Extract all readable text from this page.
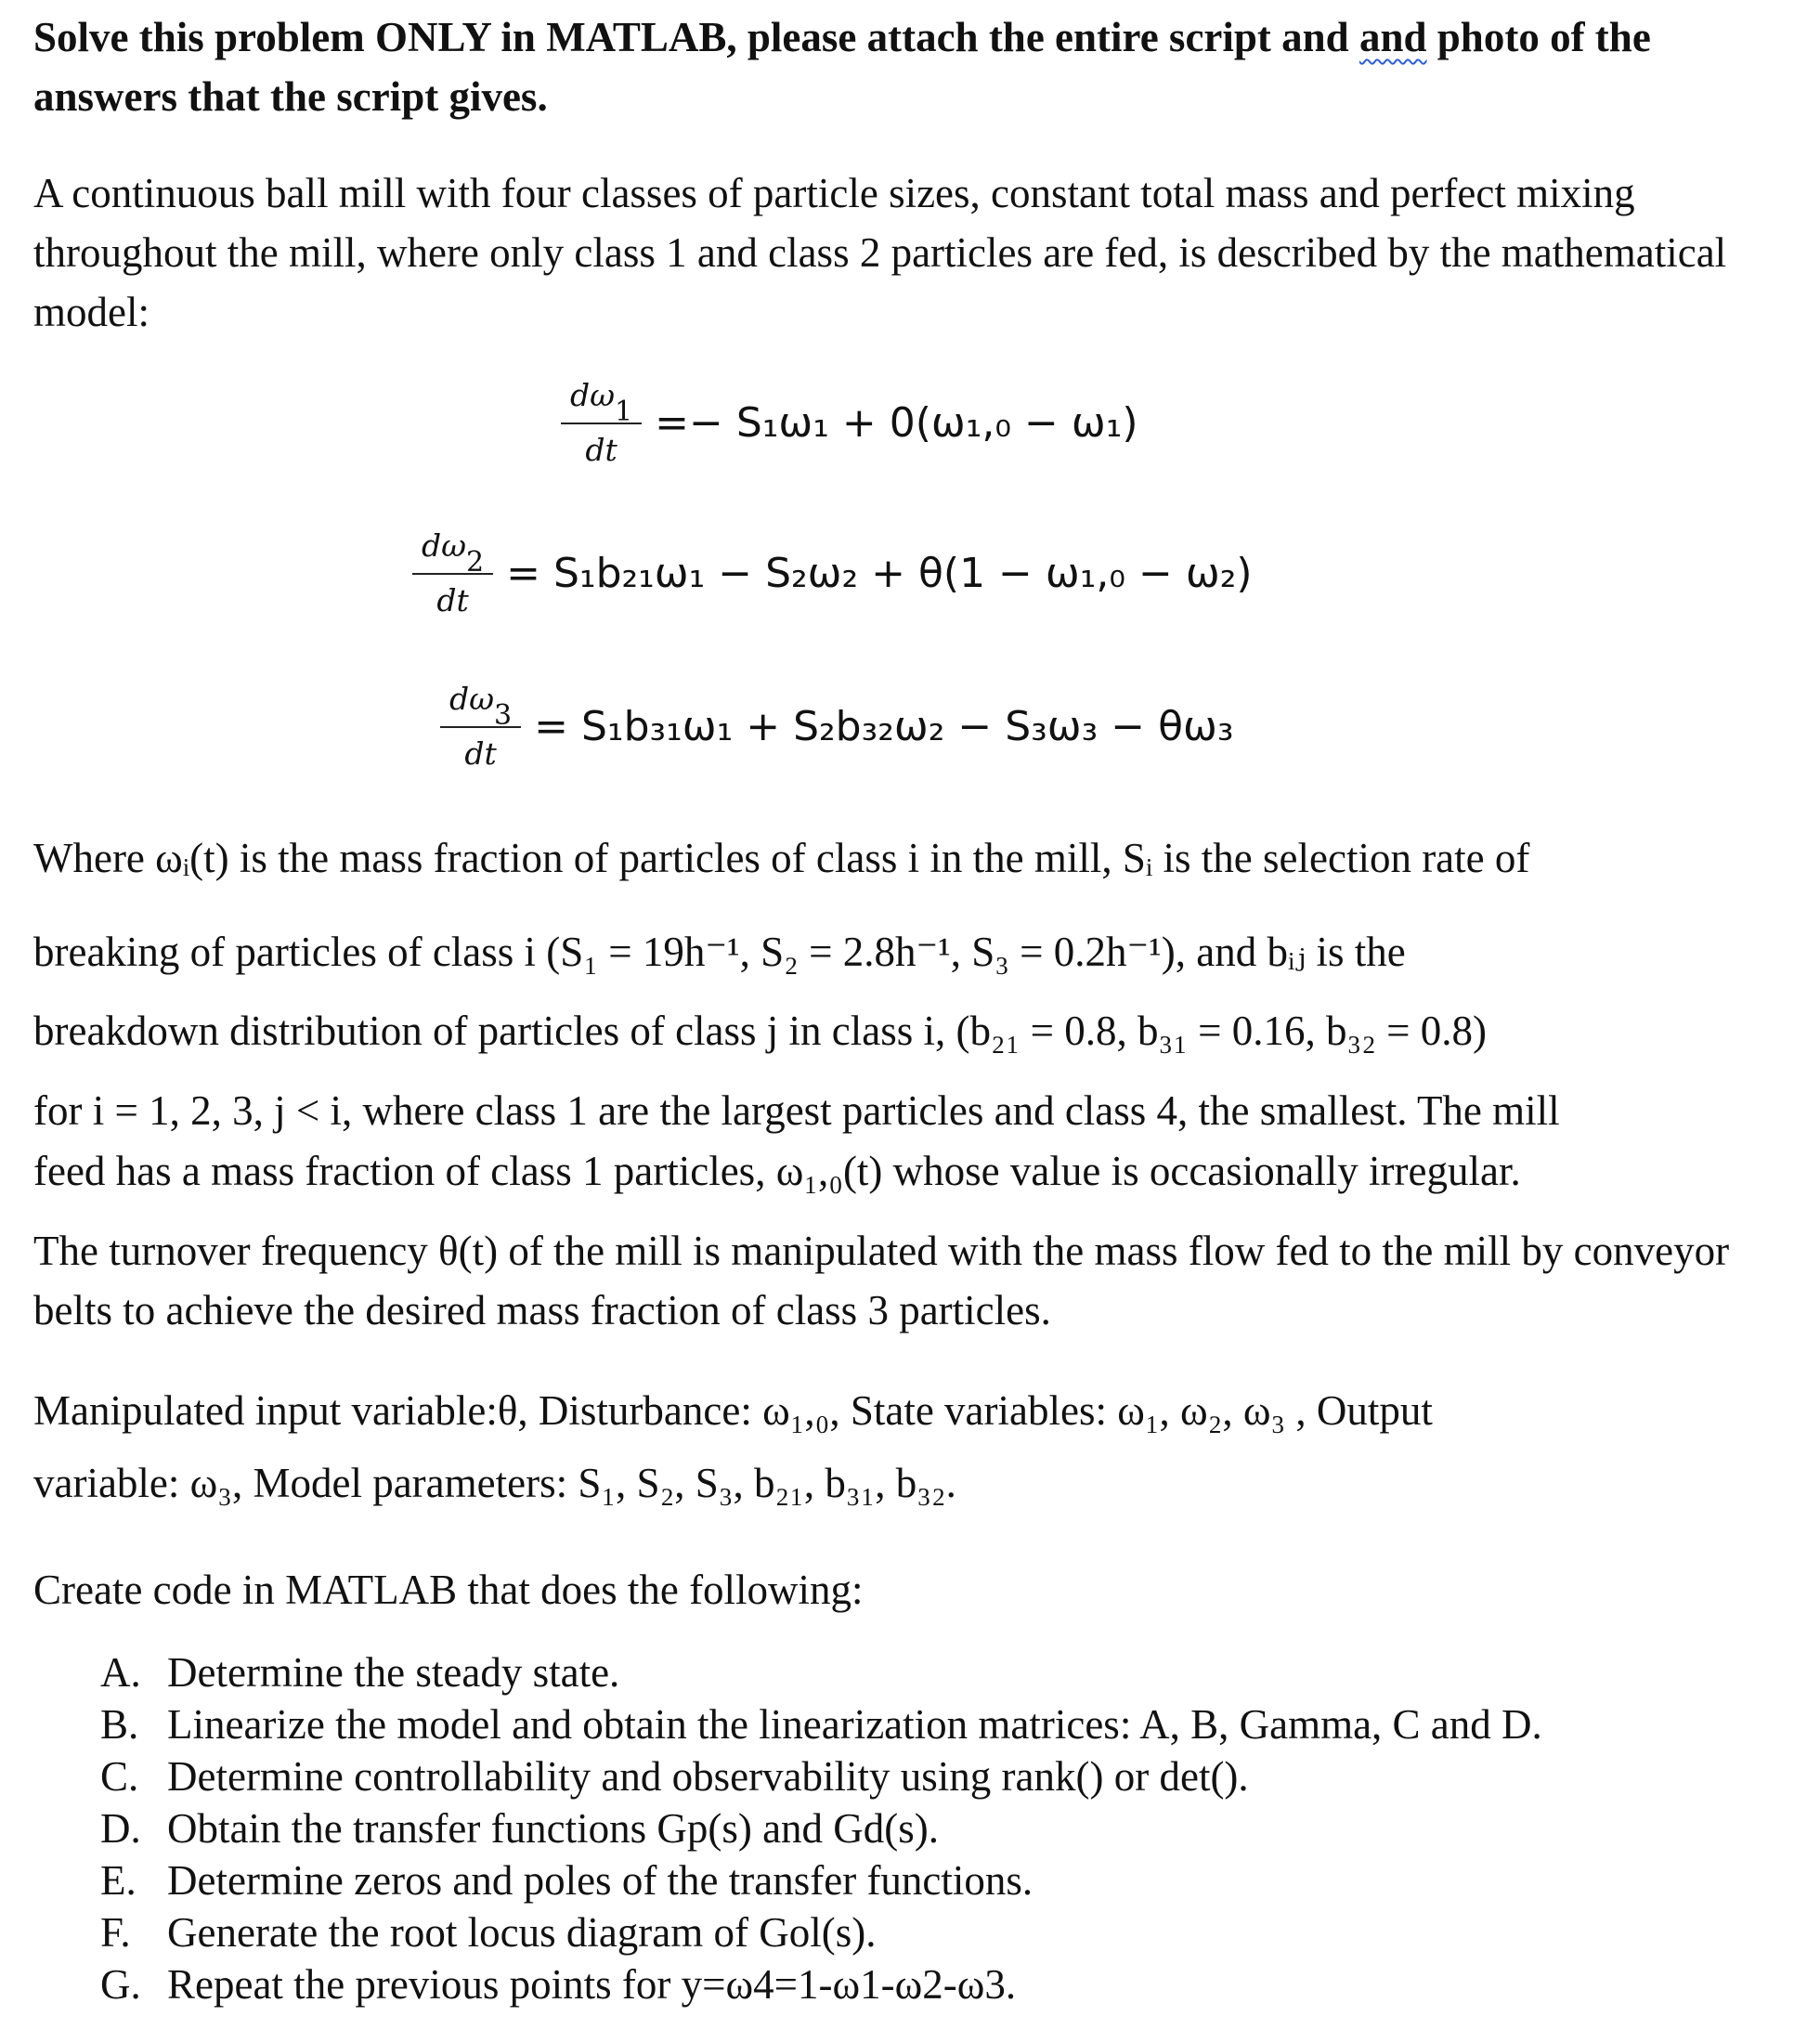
Solve this problem ONLY in MATLAB, please attach the entire script and and photo of the answers that the script gives.
A continuous ball mill with four classes of particle sizes, constant total mass and perfect mixing throughout the mill, where only class 1 and class 2 particles are fed, is described by the mathematical model:
$\frac{d\omega_1}{dt} =- S_1\omega_1 + 0(\omega_1,_0 - \omega_1)$
$\frac{d\omega_2}{dt} = S_1b_{21}\omega_1 - S_2\omega_2 + \theta(1 - \omega_1,_0 - \omega_2)$
$\frac{d\omega_3}{dt} = S_1b_{31}\omega_1 + S_2b_{32}\omega_2 - S_3\omega_3 - \theta\omega_3$
Where ωᵢ(t) is the mass fraction of particles of class i in the mill, Sᵢ is the selection rate of
breaking of particles of class i (S₁ = 19h⁻¹, S₂ = 2.8h⁻¹, S₃ = 0.2h⁻¹), and bᵢⱼ is the
breakdown distribution of particles of class j in class i, (b₂₁ = 0.8, b₃₁ = 0.16, b₃₂ = 0.8)
for i = 1, 2, 3, j < i, where class 1 are the largest particles and class 4, the smallest. The mill
feed has a mass fraction of class 1 particles, ω₁,₀(t) whose value is occasionally irregular.
The turnover frequency θ(t) of the mill is manipulated with the mass flow fed to the mill by conveyor belts to achieve the desired mass fraction of class 3 particles.
Manipulated input variable:θ, Disturbance: ω₁,₀, State variables: ω₁, ω₂, ω₃ , Output
variable: ω₃, Model parameters: S₁, S₂, S₃, b₂₁, b₃₁, b₃₂.
Create code in MATLAB that does the following:
A. Determine the steady state.
B. Linearize the model and obtain the linearization matrices: A, B, Gamma, C and D.
C. Determine controllability and observability using rank() or det().
D. Obtain the transfer functions Gp(s) and Gd(s).
E. Determine zeros and poles of the transfer functions.
F. Generate the root locus diagram of Gol(s).
G. Repeat the previous points for y=ω4=1-ω1-ω2-ω3.
